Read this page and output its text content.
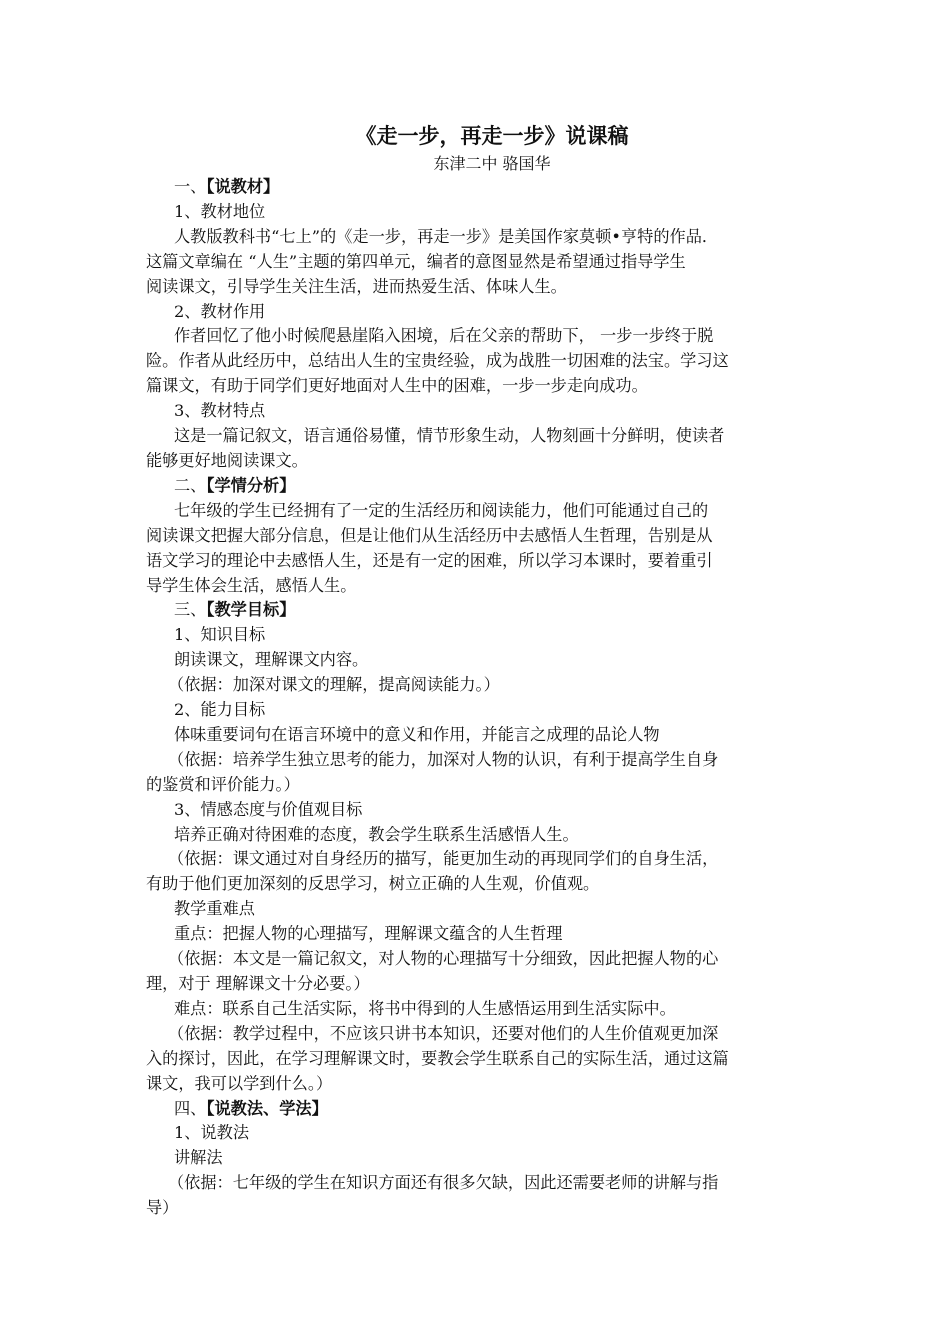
《走一步，再走一步》说课稿
东津二中 骆国华
一、【说教材】
1、教材地位
人教版教科书“七上”的《走一步，再走一步》是美国作家莫顿•亨特的作品．
这篇文章编在 “人生”主题的第四单元，编者的意图显然是希望通过指导学生
阅读课文，引导学生关注生活，进而热爱生活、体味人生。
2、教材作用
作者回忆了他小时候爬悬崖陷入困境，后在父亲的帮助下， 一步一步终于脱
险。作者从此经历中，总结出人生的宝贵经验，成为战胜一切困难的法宝。学习这
篇课文，有助于同学们更好地面对人生中的困难，一步一步走向成功。
3、教材特点
这是一篇记叙文，语言通俗易懂，情节形象生动，人物刻画十分鲜明，使读者
能够更好地阅读课文。
二、【学情分析】
七年级的学生已经拥有了一定的生活经历和阅读能力，他们可能通过自己的
阅读课文把握大部分信息，但是让他们从生活经历中去感悟人生哲理，告别是从
语文学习的理论中去感悟人生，还是有一定的困难，所以学习本课时，要着重引
导学生体会生活，感悟人生。
三、【教学目标】
1、知识目标
朗读课文，理解课文内容。
（依据：加深对课文的理解，提高阅读能力。）
2、能力目标
体味重要词句在语言环境中的意义和作用，并能言之成理的品论人物
（依据：培养学生独立思考的能力，加深对人物的认识，有利于提高学生自身
的鉴赏和评价能力。）
3、情感态度与价值观目标
培养正确对待困难的态度，教会学生联系生活感悟人生。
（依据：课文通过对自身经历的描写，能更加生动的再现同学们的自身生活，
有助于他们更加深刻的反思学习，树立正确的人生观，价值观。
教学重难点
重点：把握人物的心理描写，理解课文蕴含的人生哲理
（依据：本文是一篇记叙文，对人物的心理描写十分细致，因此把握人物的心
理，对于 理解课文十分必要。）
难点：联系自己生活实际，将书中得到的人生感悟运用到生活实际中。
（依据：教学过程中，不应该只讲书本知识，还要对他们的人生价值观更加深
入的探讨，因此，在学习理解课文时，要教会学生联系自己的实际生活，通过这篇
课文，我可以学到什么。）
四、【说教法、学法】
1、说教法
讲解法
（依据：七年级的学生在知识方面还有很多欠缺，因此还需要老师的讲解与指
导）
